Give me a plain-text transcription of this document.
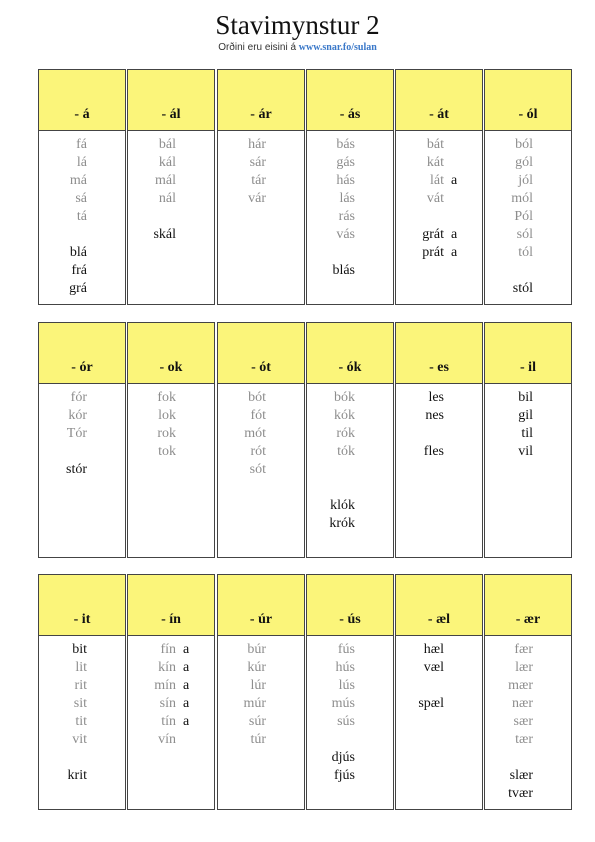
Stavimynstur 2
Orðini eru eisini á www.snar.fo/sulan
- á
fá
lá
má
sá
tá
blá
frá
grá
- ál
bál
kál
mál
nál
skál
- ár
hár
sár
tár
vár
- ás
bás
gás
hás
lás
rás
vás
blás
- át
bát
kát
lát a
vát
grát a
prát a
- ól
ból
gól
jól
mól
Pól
sól
tól
stól
- ór
fór
kór
Tór
stór
- ok
fok
lok
rok
tok
- ót
bót
fót
mót
rót
sót
- ók
bók
kók
rók
tók
klók
krók
- es
les
nes
fles
- il
bil
gil
til
vil
- it
bit
lit
rit
sit
tit
vit
krit
- ín
fín a
kín a
mín a
sín a
tín a
vín
- úr
búr
kúr
lúr
múr
súr
túr
- ús
fús
hús
lús
mús
sús
djús
fjús
- æl
hæl
væl
spæl
- ær
fær
lær
mær
nær
sær
tær
slær
tvær
